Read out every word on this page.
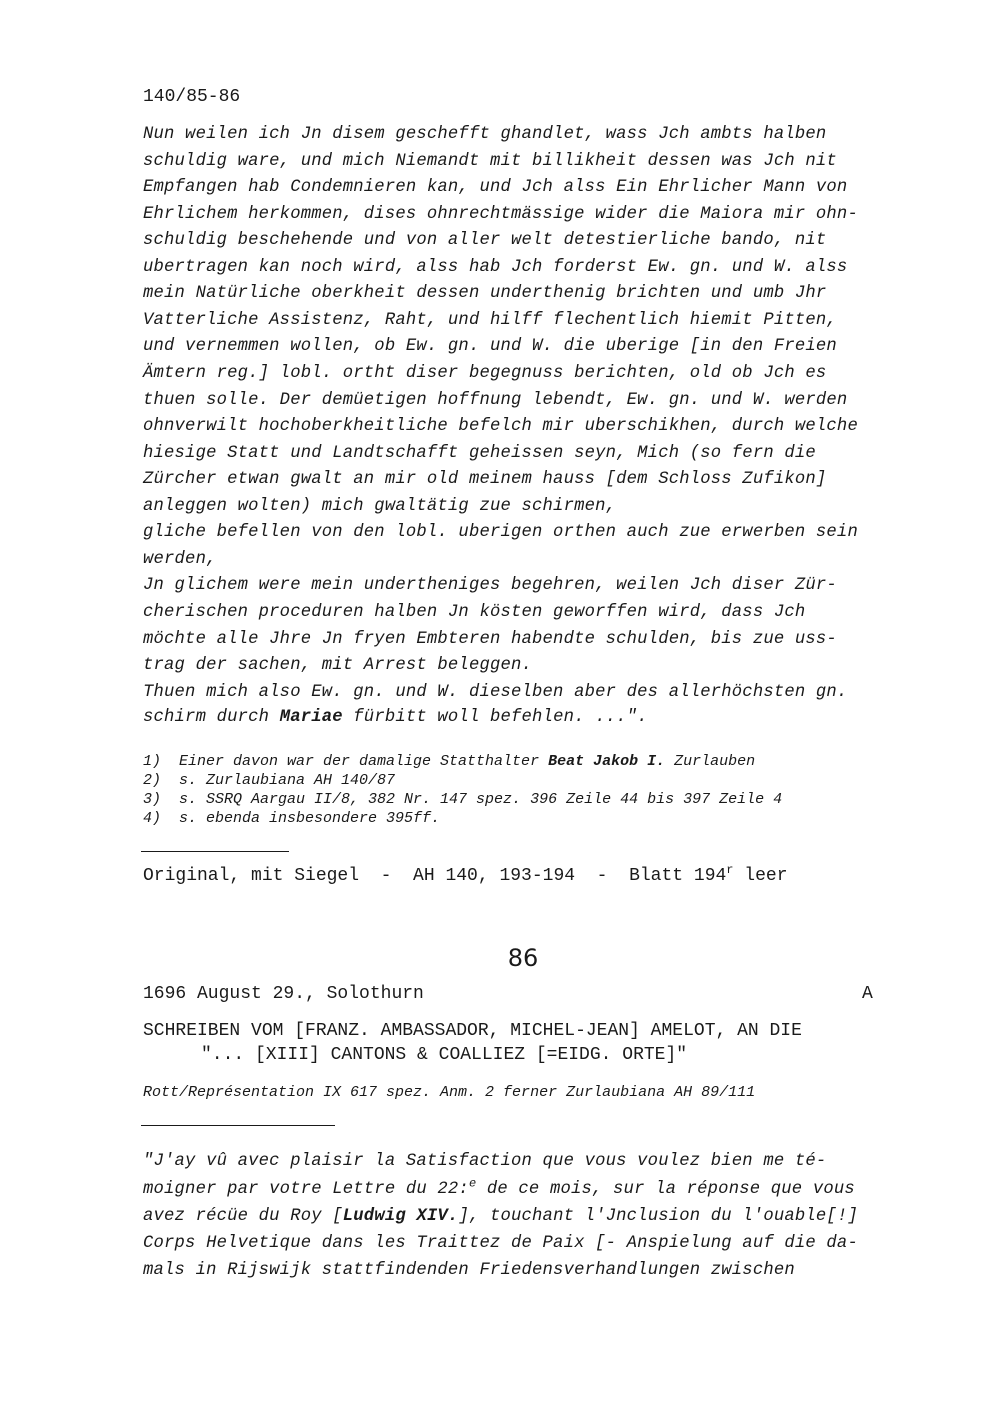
140/85-86
Nun weilen ich Jn disem geschefft ghandlet, wass Jch ambts halben
schuldig ware, und mich Niemandt mit billikheit dessen was Jch nit
Empfangen hab Condemnieren kan, und Jch alss Ein Ehrlicher Mann von
Ehrlichem herkommen, dises ohnrechtmässige wider die Maiora mir ohn-
schuldig beschehende und von aller welt detestierliche bando, nit
ubertragen kan noch wird, alss hab Jch forderst Ew. gn. und W. alss
mein Natürliche oberkheit dessen underthenig brichten und umb Jhr
Vatterliche Assistenz, Raht, und hilff flechentlich hiemit Pitten,
und vernemmen wollen, ob Ew. gn. und W. die uberige [in den Freien
Ämtern reg.] lobl. ortht diser begegnuss berichten, old ob Jch es
thuen solle. Der demüetigen hoffnung lebendt, Ew. gn. und W. werden
ohnverwilt hochoberkheitliche befelch mir uberschikhen, durch welche
hiesige Statt und Landtschafft geheissen seyn, Mich (so fern die
Zürcher etwan gwalt an mir old meinem hauss [dem Schloss Zufikon]
anleggen wolten) mich gwaltätig zue schirmen,
gliche befellen von den lobl. uberigen orthen auch zue erwerben sein
werden,
Jn glichem were mein undertheniges begehren, weilen Jch diser Zür-
cherischen proceduren halben Jn kösten geworffen wird, dass Jch
möchte alle Jhre Jn fryen Embteren habendte schulden, bis zue uss-
trag der sachen, mit Arrest beleggen.
Thuen mich also Ew. gn. und W. dieselben aber des allerhöchsten gn.
schirm durch Mariae fürbitt woll befehlen. ...".
1)  Einer davon war der damalige Statthalter Beat Jakob I. Zurlauben
2)  s. Zurlaubiana AH 140/87
3)  s. SSRQ Aargau II/8, 382 Nr. 147 spez. 396 Zeile 44 bis 397 Zeile 4
4)  s. ebenda insbesondere 395ff.
Original, mit Siegel  -  AH 140, 193-194  -  Blatt 194$^r$ leer
86
1696 August 29., Solothurn	A
SCHREIBEN VOM [FRANZ. AMBASSADOR, MICHEL-JEAN] AMELOT, AN DIE
"... [XIII] CANTONS & COALLIEZ [=EIDG. ORTE]"
Rott/Représentation IX 617 spez. Anm. 2 ferner Zurlaubiana AH 89/111
"J'ay vû avec plaisir la Satisfaction que vous voulez bien me té-
moigner par votre Lettre du 22:$^e$ de ce mois, sur la réponse que vous
avez récüe du Roy [Ludwig XIV.], touchant l'Jnclusion du l'ouable[!]
Corps Helvetique dans les Traittez de Paix [- Anspielung auf die da-
mals in Rijswijk stattfindenden Friedensverhandlungen zwischen
